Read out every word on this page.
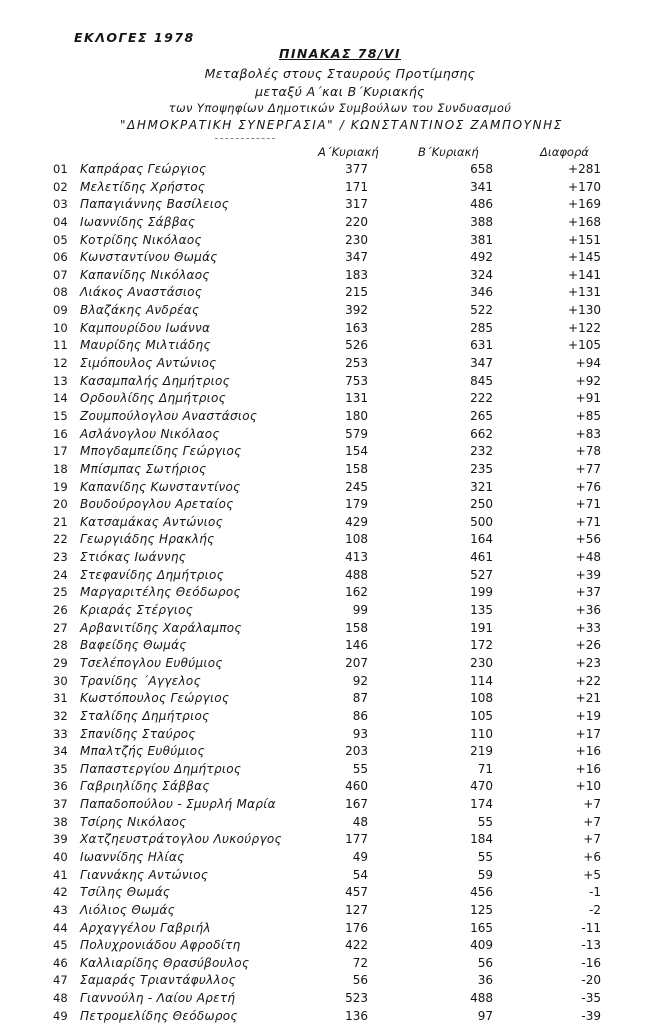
ΕΚΛΟΓΕΣ 1978
ΠΙΝΑΚΑΣ 78/VI
Μεταβολές στους Σταυρούς Προτίμησης
μεταξύ Α΄και Β΄Κυριακής
των Υποψηφίων Δημοτικών Συμβούλων του Συνδυασμού
"ΔΗΜΟΚΡΑΤΙΚΗ ΣΥΝΕΡΓΑΣΙΑ" / ΚΩΝΣΤΑΝΤΙΝΟΣ ΖΑΜΠΟΥΝΗΣ
Α΄Κυριακή	Β΄Κυριακή	Διαφορά
01 Καπράρας Γεώργιος	377	658	+281
02 Μελετίδης Χρήστος	171	341	+170
03 Παπαγιάννης Βασίλειος	317	486	+169
04 Ιωαννίδης Σάββας	220	388	+168
05 Κοτρίδης Νικόλαος	230	381	+151
06 Κωνσταντίνου Θωμάς	347	492	+145
07 Καπανίδης Νικόλαος	183	324	+141
08 Λιάκος Αναστάσιος	215	346	+131
09 Βλαζάκης Ανδρέας	392	522	+130
10 Καμπουρίδου Ιωάννα	163	285	+122
11 Μαυρίδης Μιλτιάδης	526	631	+105
12 Σιμόπουλος Αντώνιος	253	347	+94
13 Κασαμπαλής Δημήτριος	753	845	+92
14 Ορδουλίδης Δημήτριος	131	222	+91
15 Ζουμπούλογλου Αναστάσιος	180	265	+85
16 Ασλάνογλου Νικόλαος	579	662	+83
17 Μπογδαμπείδης Γεώργιος	154	232	+78
18 Μπίσμπας Σωτήριος	158	235	+77
19 Καπανίδης Κωνσταντίνος	245	321	+76
20 Βουδούρογλου Αρεταίος	179	250	+71
21 Κατσαμάκας Αντώνιος	429	500	+71
22 Γεωργιάδης Ηρακλής	108	164	+56
23 Στιόκας Ιωάννης	413	461	+48
24 Στεφανίδης Δημήτριος	488	527	+39
25 Μαργαριτέλης Θεόδωρος	162	199	+37
26 Κριαράς Στέργιος	99	135	+36
27 Αρβανιτίδης Χαράλαμπος	158	191	+33
28 Βαφείδης Θωμάς	146	172	+26
29 Τσελέπογλου Ευθύμιος	207	230	+23
30 Τρανίδης ΄Αγγελος	92	114	+22
31 Κωστόπουλος Γεώργιος	87	108	+21
32 Σταλίδης Δημήτριος	86	105	+19
33 Σπανίδης Σταύρος	93	110	+17
34 Μπαλτζής Ευθύμιος	203	219	+16
35 Παπαστεργίου Δημήτριος	55	71	+16
36 Γαβριηλίδης Σάββας	460	470	+10
37 Παπαδοπούλου - Σμυρλή Μαρία	167	174	+7
38 Τσίρης Νικόλαος	48	55	+7
39 Χατζηευστράτογλου Λυκούργος	177	184	+7
40 Ιωαννίδης Ηλίας	49	55	+6
41 Γιαννάκης Αντώνιος	54	59	+5
42 Τσίλης Θωμάς	457	456	-1
43 Λιόλιος Θωμάς	127	125	-2
44 Αρχαγγέλου Γαβριήλ	176	165	-11
45 Πολυχρονιάδου Αφροδίτη	422	409	-13
46 Καλλιαρίδης Θρασύβουλος	72	56	-16
47 Σαμαράς Τριαντάφυλλος	56	36	-20
48 Γιαννούλη - Λαίου Αρετή	523	488	-35
49 Πετρομελίδης Θεόδωρος	136	97	-39
